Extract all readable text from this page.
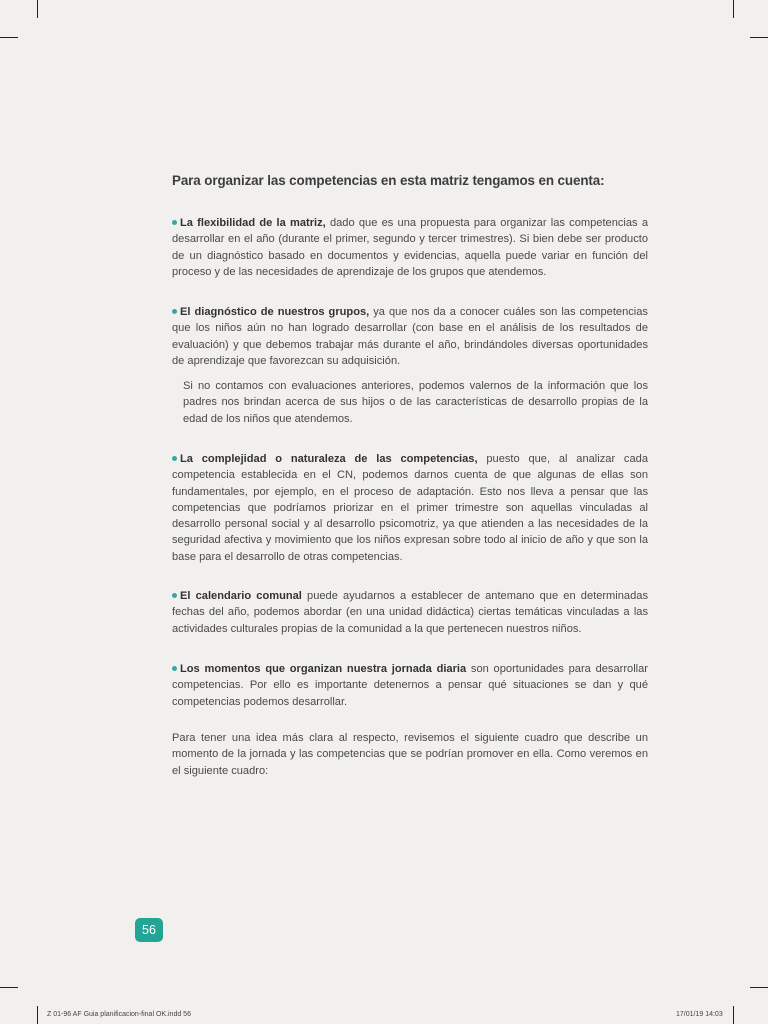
Para organizar las competencias en esta matriz tengamos en cuenta:

La flexibilidad de la matriz, dado que es una propuesta para organizar las competencias a desarrollar en el año (durante el primer, segundo y tercer trimestres). Si bien debe ser producto de un diagnóstico basado en documentos y evidencias, aquella puede variar en función del proceso y de las necesidades de aprendizaje de los grupos que atendemos.

El diagnóstico de nuestros grupos, ya que nos da a conocer cuáles son las competencias que los niños aún no han logrado desarrollar (con base en el análisis de los resultados de evaluación) y que debemos trabajar más durante el año, brindándoles diversas oportunidades de aprendizaje que favorezcan su adquisición.

Si no contamos con evaluaciones anteriores, podemos valernos de la información que los padres nos brindan acerca de sus hijos o de las características de desarrollo propias de la edad de los niños que atendemos.

La complejidad o naturaleza de las competencias, puesto que, al analizar cada competencia establecida en el CN, podemos darnos cuenta de que algunas de ellas son fundamentales, por ejemplo, en el proceso de adaptación. Esto nos lleva a pensar que las competencias que podríamos priorizar en el primer trimestre son aquellas vinculadas al desarrollo personal social y al desarrollo psicomotriz, ya que atienden a las necesidades de la seguridad afectiva y movimiento que los niños expresan sobre todo al inicio de año y que son la base para el desarrollo de otras competencias.

El calendario comunal puede ayudarnos a establecer de antemano que en determinadas fechas del año, podemos abordar (en una unidad didáctica) ciertas temáticas vinculadas a las actividades culturales propias de la comunidad a la que pertenecen nuestros niños.

Los momentos que organizan nuestra jornada diaria son oportunidades para desarrollar competencias. Por ello es importante detenernos a pensar qué situaciones se dan y qué competencias podemos desarrollar.

Para tener una idea más clara al respecto, revisemos el siguiente cuadro que describe un momento de la jornada y las competencias que se podrían promover en ella. Como veremos en el siguiente cuadro:

56
Z 01-96 AF Guia planificacion-final OK.indd 56	17/01/19 14:03
